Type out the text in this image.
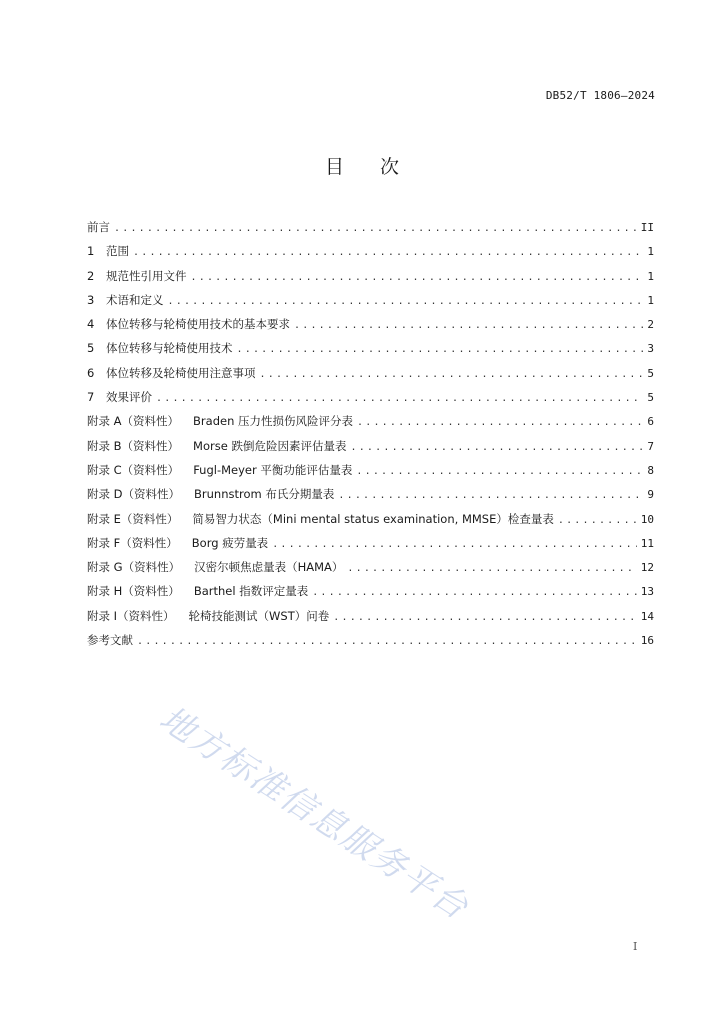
DB52/T 1806—2024
目次
前言 .....	II
1 范围 .....	1
2 规范性引用文件 .....	1
3 术语和定义 .....	1
4 体位转移与轮椅使用技术的基本要求 .....	2
5 体位转移与轮椅使用技术 .....	3
6 体位转移及轮椅使用注意事项 .....	5
7 效果评价 .....	5
附录 A（资料性） Braden 压力性损伤风险评分表 .....	6
附录 B（资料性） Morse 跌倒危险因素评估量表 .....	7
附录 C（资料性） Fugl-Meyer 平衡功能评估量表 .....	8
附录 D（资料性） Brunnstrom 布氏分期量表 .....	9
附录 E（资料性） 简易智力状态（Mini mental status examination, MMSE）检查量表 .....	10
附录 F（资料性） Borg 疲劳量表 .....	11
附录 G（资料性） 汉密尔顿焦虑量表（HAMA） .....	12
附录 H（资料性） Barthel 指数评定量表 .....	13
附录 I（资料性） 轮椅技能测试（WST）问卷 .....	14
参考文献 .....	16
地方标准信息服务平台
I
